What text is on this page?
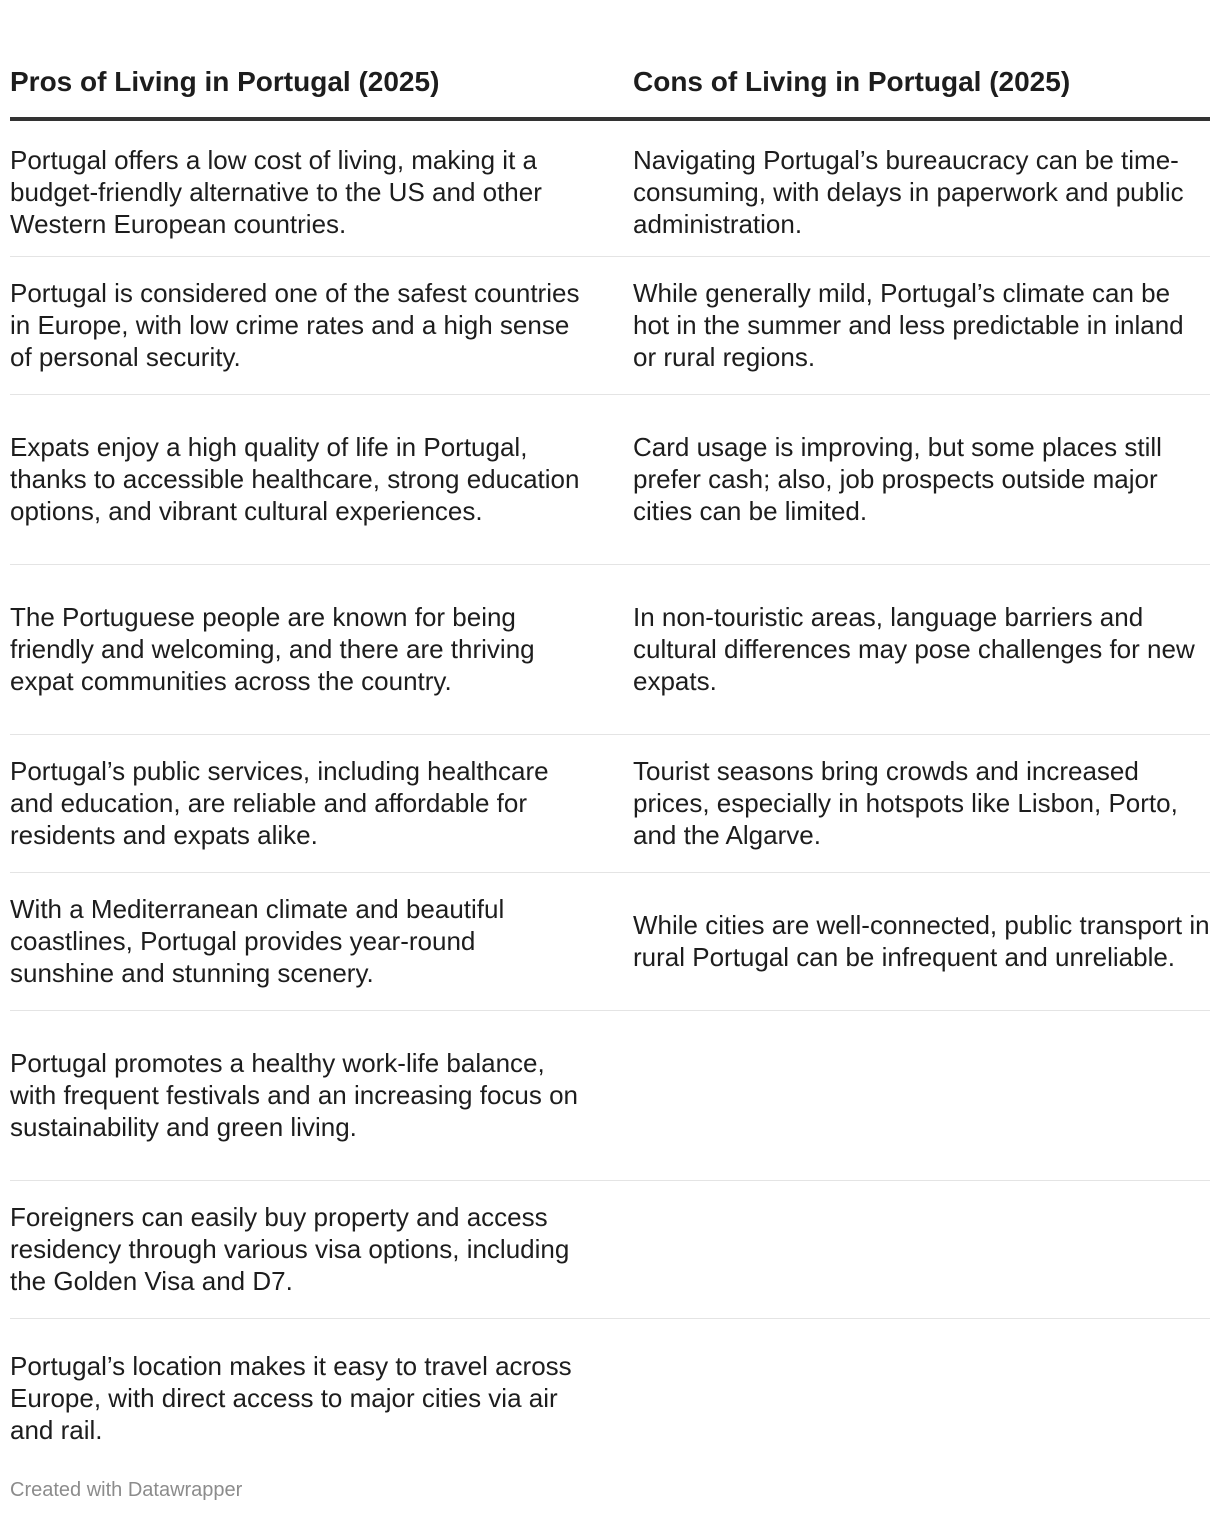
Pros of Living in Portugal (2025)	Cons of Living in Portugal (2025)
Portugal offers a low cost of living, making it a budget-friendly alternative to the US and other Western European countries.	Navigating Portugal’s bureaucracy can be time-consuming, with delays in paperwork and public administration.
Portugal is considered one of the safest countries in Europe, with low crime rates and a high sense of personal security.	While generally mild, Portugal’s climate can be hot in the summer and less predictable in inland or rural regions.
Expats enjoy a high quality of life in Portugal, thanks to accessible healthcare, strong education options, and vibrant cultural experiences.	Card usage is improving, but some places still prefer cash; also, job prospects outside major cities can be limited.
The Portuguese people are known for being friendly and welcoming, and there are thriving expat communities across the country.	In non-touristic areas, language barriers and cultural differences may pose challenges for new expats.
Portugal’s public services, including healthcare and education, are reliable and affordable for residents and expats alike.	Tourist seasons bring crowds and increased prices, especially in hotspots like Lisbon, Porto, and the Algarve.
With a Mediterranean climate and beautiful coastlines, Portugal provides year-round sunshine and stunning scenery.	While cities are well-connected, public transport in rural Portugal can be infrequent and unreliable.
Portugal promotes a healthy work-life balance, with frequent festivals and an increasing focus on sustainability and green living.	
Foreigners can easily buy property and access residency through various visa options, including the Golden Visa and D7.	
Portugal’s location makes it easy to travel across Europe, with direct access to major cities via air and rail.	
Created with Datawrapper
